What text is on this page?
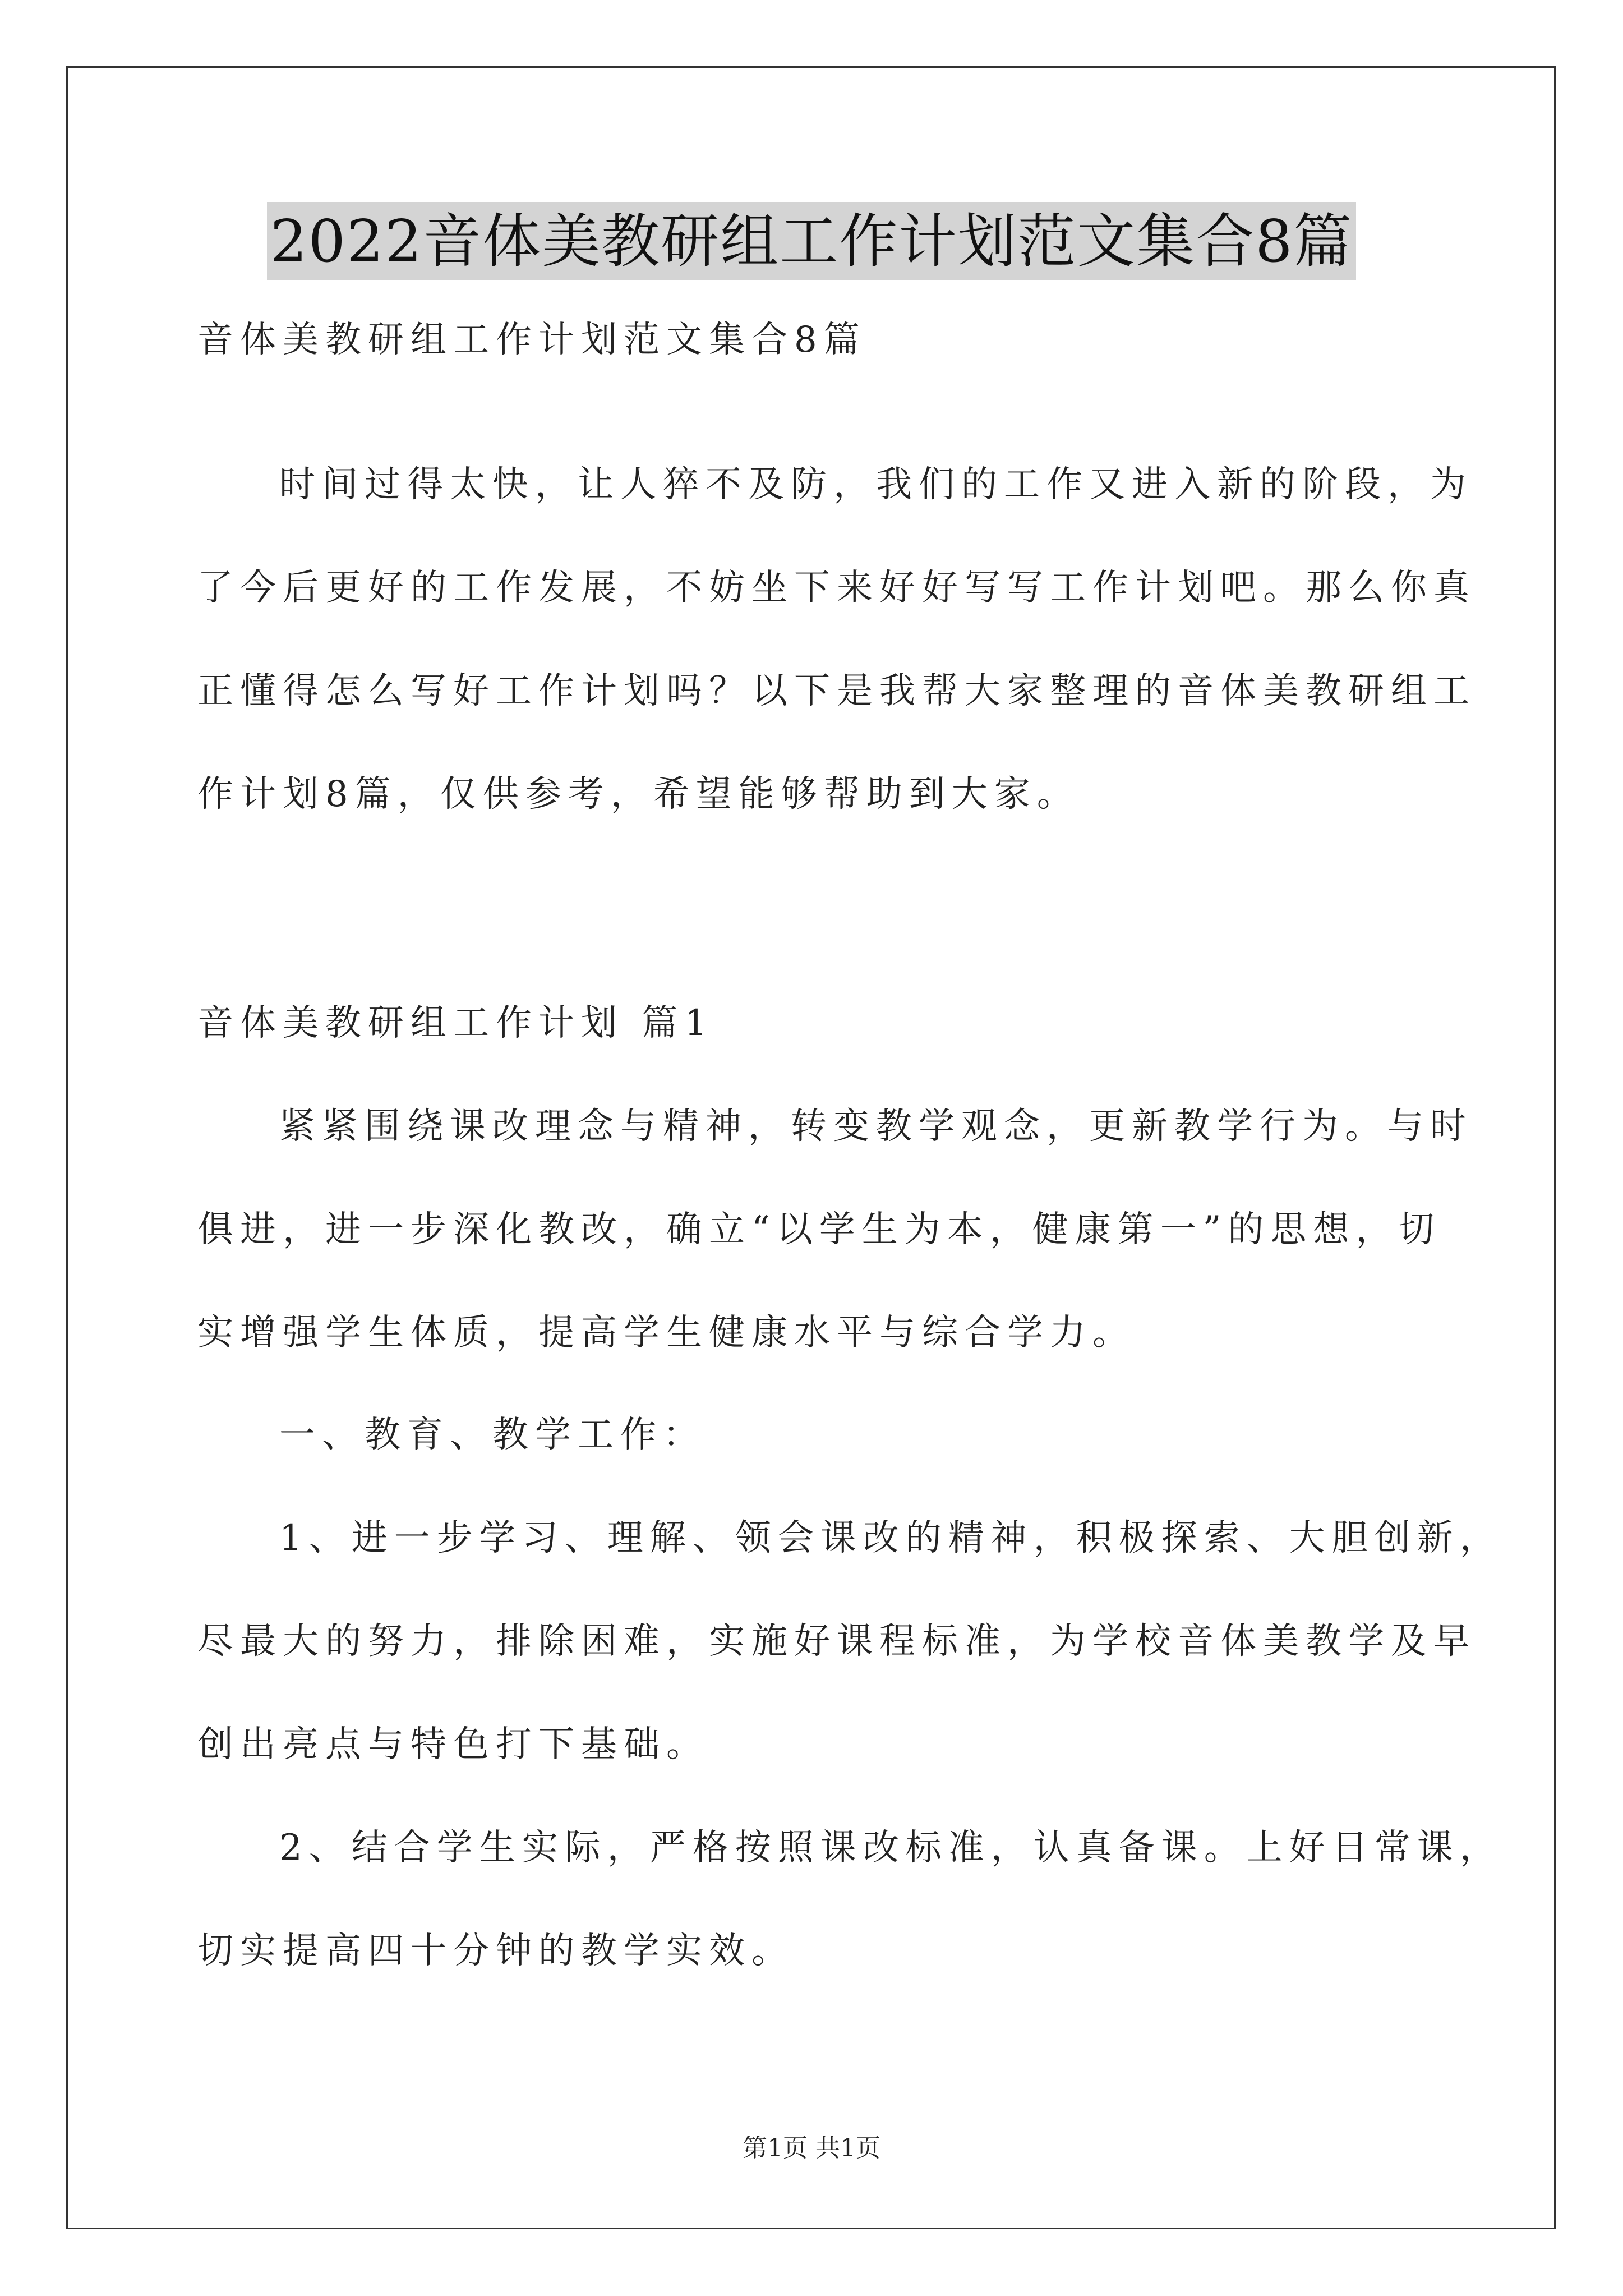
2022音体美教研组工作计划范文集合8篇
音体美教研组工作计划范文集合8篇
时间过得太快，让人猝不及防，我们的工作又进入新的阶段，为
了今后更好的工作发展，不妨坐下来好好写写工作计划吧。那么你真
正懂得怎么写好工作计划吗？以下是我帮大家整理的音体美教研组工
作计划8篇，仅供参考，希望能够帮助到大家。
音体美教研组工作计划 篇1
紧紧围绕课改理念与精神，转变教学观念，更新教学行为。与时
俱进，进一步深化教改，确立“以学生为本，健康第一”的思想，切
实增强学生体质，提高学生健康水平与综合学力。
一、教育、教学工作：
1、进一步学习、理解、领会课改的精神，积极探索、大胆创新，
尽最大的努力，排除困难，实施好课程标准，为学校音体美教学及早
创出亮点与特色打下基础。
2、结合学生实际，严格按照课改标准，认真备课。上好日常课，
切实提高四十分钟的教学实效。
第1页 共1页
